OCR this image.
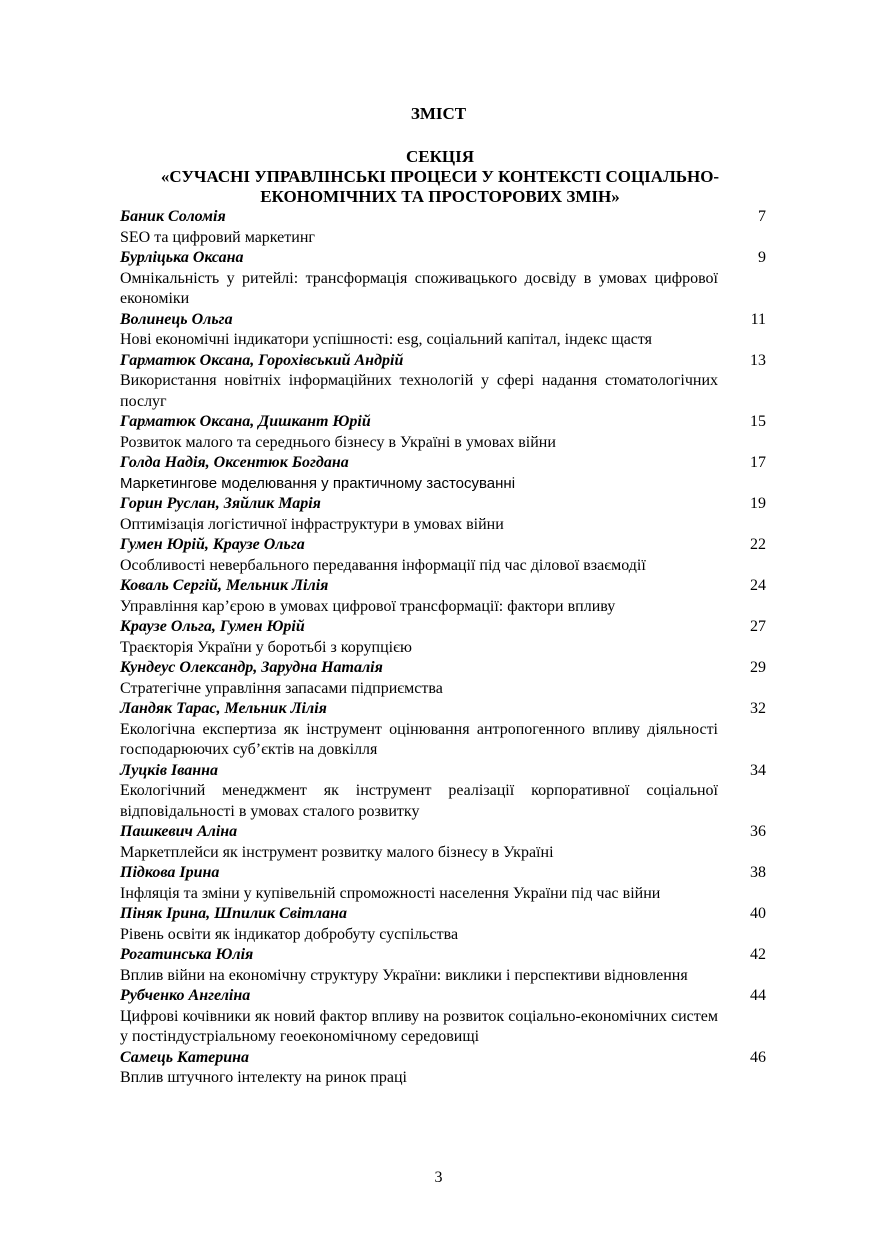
ЗМІСТ
СЕКЦІЯ
«СУЧАСНІ УПРАВЛІНСЬКІ ПРОЦЕСИ У КОНТЕКСТІ СОЦІАЛЬНО-
ЕКОНОМІЧНИХ ТА ПРОСТОРОВИХ ЗМІН»
Баник Соломія	7
SEO та цифровий маркетинг
Бурліцька Оксана	9
Омнікальність у ритейлі: трансформація споживацького досвіду в умовах цифрової економіки
Волинець Ольга	11
Нові економічні індикатори успішності: esg, соціальний капітал, індекс щастя
Гарматюк Оксана, Горохівський Андрій	13
Використання новітніх інформаційних технологій у сфері надання стоматологічних послуг
Гарматюк Оксана, Дишкант Юрій	15
Розвиток малого та середнього бізнесу в Україні в умовах війни
Голда Надія, Оксентюк Богдана	17
Маркетингове моделювання у практичному застосуванні
Горин Руслан, Зяйлик Марія	19
Оптимізація логістичної інфраструктури в умовах війни
Гумен Юрій, Краузе Ольга	22
Особливості невербального передавання інформації під час ділової взаємодії
Коваль Сергій, Мельник Лілія	24
Управління кар’єрою в умовах цифрової трансформації: фактори впливу
Краузе Ольга, Гумен Юрій	27
Траєкторія України у боротьбі з корупцією
Кундеус Олександр, Зарудна Наталія	29
Стратегічне управління запасами підприємства
Ландяк Тарас, Мельник Лілія	32
Екологічна експертиза як інструмент оцінювання антропогенного впливу діяльності господарюючих суб’єктів на довкілля
Луцків Іванна	34
Екологічний менеджмент як інструмент реалізації корпоративної соціальної відповідальності в умовах сталого розвитку
Пашкевич Аліна	36
Маркетплейси як інструмент розвитку малого бізнесу в Україні
Підкова Ірина	38
Інфляція та зміни у купівельній спроможності населення України під час війни
Піняк Ірина, Шпилик Світлана	40
Рівень освіти як індикатор добробуту суспільства
Рогатинська Юлія	42
Вплив війни на економічну структуру України: виклики і перспективи відновлення
Рубченко Ангеліна	44
Цифрові кочівники як новий фактор впливу на розвиток соціально-економічних систем у постіндустріальному геоекономічному середовищі
Самець Катерина	46
Вплив штучного інтелекту на ринок праці
3
